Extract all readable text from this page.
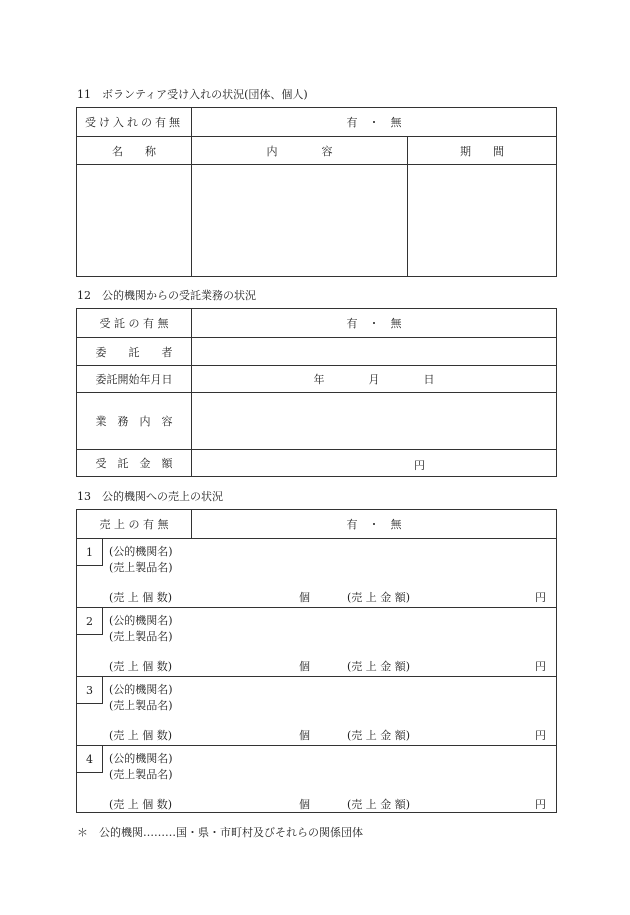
11　ボランティア受け入れの状況(団体、個人)
受け入れの有無	有　・　無
名　　称	内　　　　容	期　　間
12　公的機関からの受託業務の状況
受 託 の 有 無	有　・　無
委　　託　　者
委託開始年月日	年　　　　月　　　　日
業　務　内　容
受　託　金　額	円
13　公的機関への売上の状況
売 上 の 有 無	有　・　無
1	(公的機関名)
(売上製品名)
(売 上 個 数)	個	(売 上 金 額)	円
2	(公的機関名)
(売上製品名)
(売 上 個 数)	個	(売 上 金 額)	円
3	(公的機関名)
(売上製品名)
(売 上 個 数)	個	(売 上 金 額)	円
4	(公的機関名)
(売上製品名)
(売 上 個 数)	個	(売 上 金 額)	円
＊　公的機関………国・県・市町村及びそれらの関係団体
